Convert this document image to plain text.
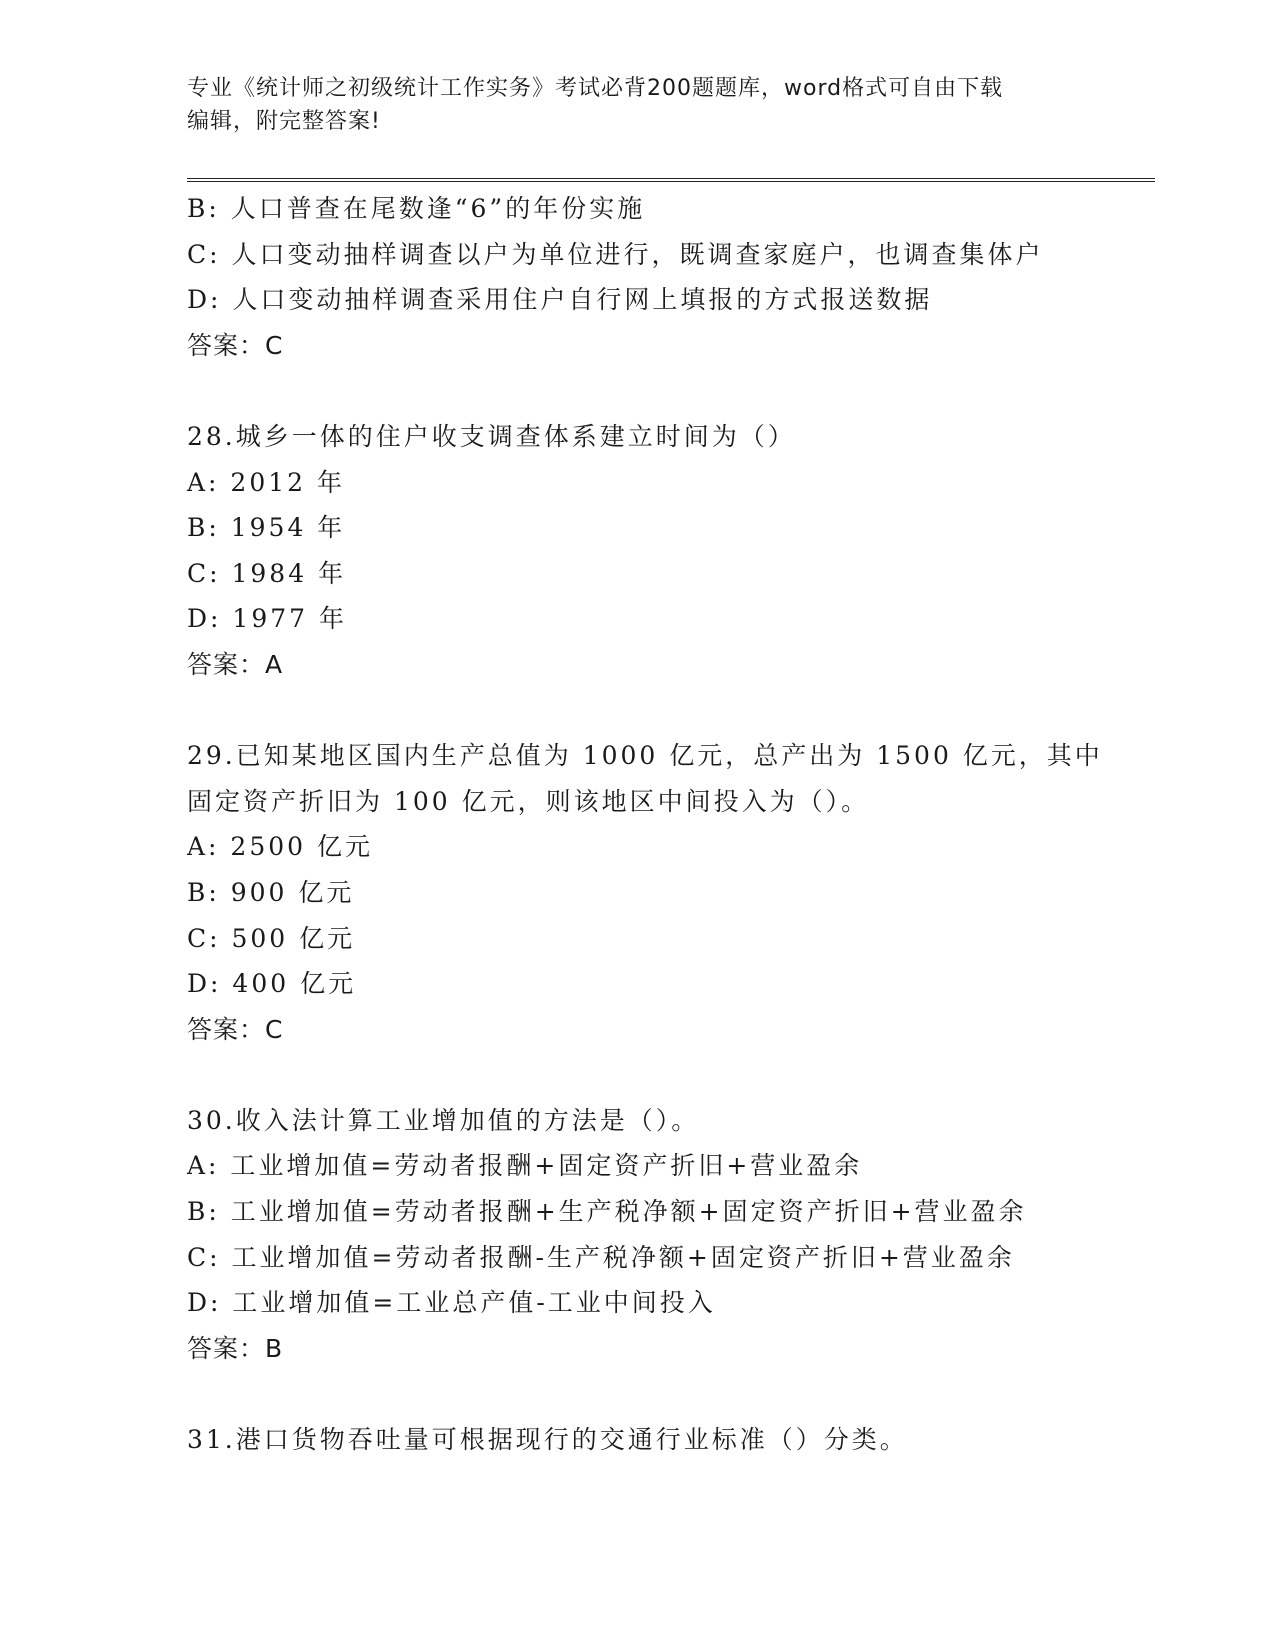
专业《统计师之初级统计工作实务》考试必背200题题库，word格式可自由下载
编辑，附完整答案!
B: 人口普查在尾数逢“6”的年份实施
C: 人口变动抽样调查以户为单位进行，既调查家庭户，也调查集体户
D: 人口变动抽样调查采用住户自行网上填报的方式报送数据
答案：C
28.城乡一体的住户收支调查体系建立时间为（）
A: 2012 年
B: 1954 年
C: 1984 年
D: 1977 年
答案：A
29.已知某地区国内生产总值为 1000 亿元，总产出为 1500 亿元，其中
固定资产折旧为 100 亿元，则该地区中间投入为（）。
A: 2500 亿元
B: 900 亿元
C: 500 亿元
D: 400 亿元
答案：C
30.收入法计算工业增加值的方法是（）。
A: 工业增加值=劳动者报酬+固定资产折旧+营业盈余
B: 工业增加值=劳动者报酬+生产税净额+固定资产折旧+营业盈余
C: 工业增加值=劳动者报酬-生产税净额+固定资产折旧+营业盈余
D: 工业增加值=工业总产值-工业中间投入
答案：B
31.港口货物吞吐量可根据现行的交通行业标准（）分类。
